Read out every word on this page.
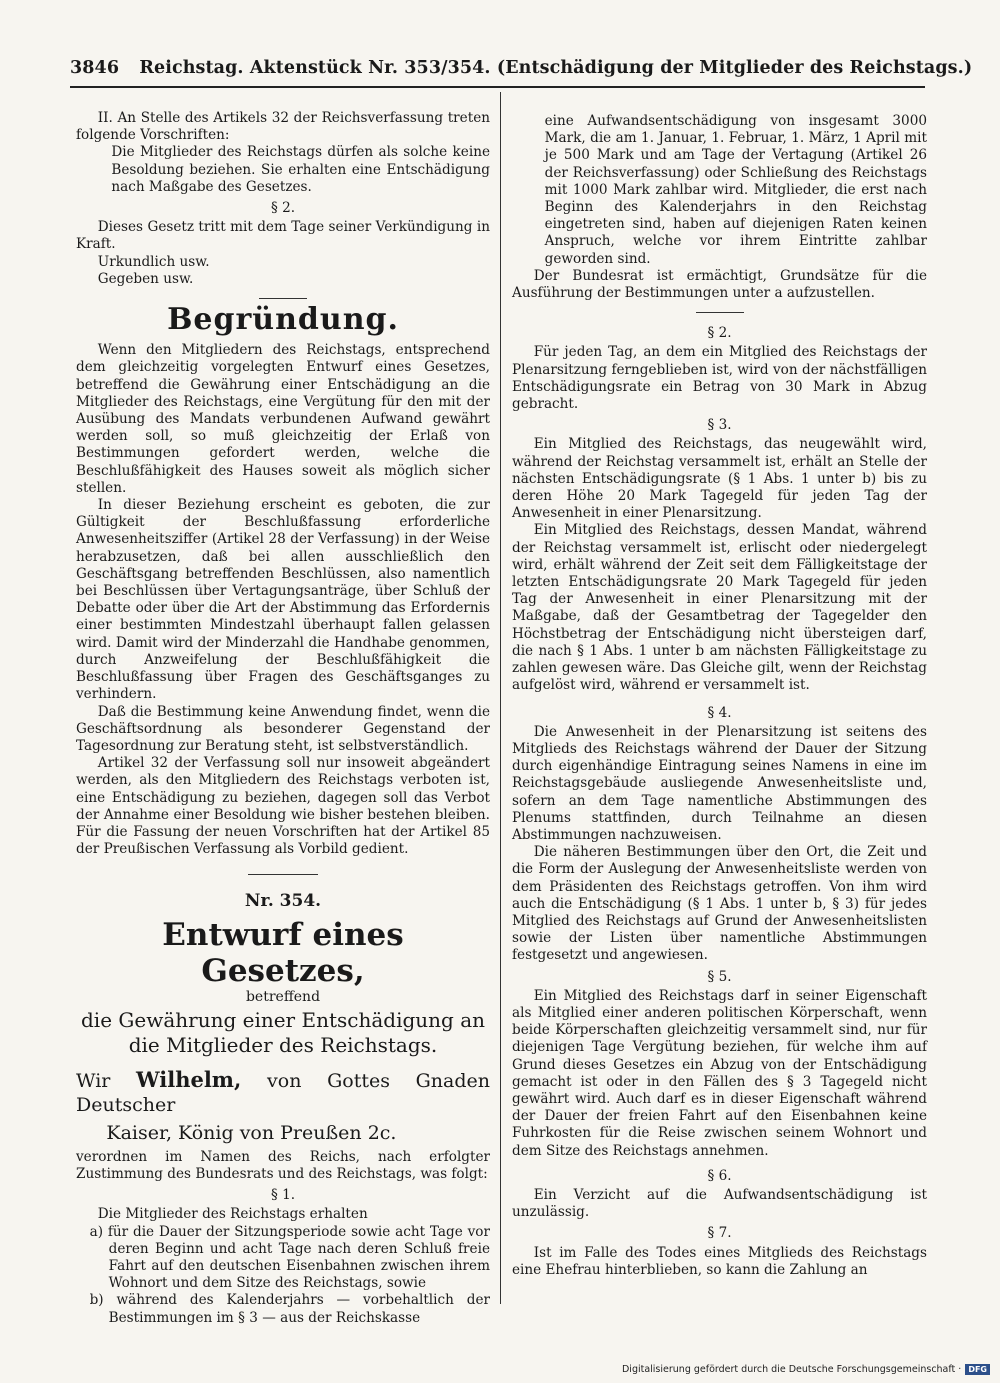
3846 Reichstag. Aktenstück Nr. 353/354. (Entschädigung der Mitglieder des Reichstags.)

II. An Stelle des Artikels 32 der Reichsverfassung treten folgende Vorschriften:

Die Mitglieder des Reichstags dürfen als solche keine Besoldung beziehen. Sie erhalten eine Entschädigung nach Maßgabe des Gesetzes.

§ 2.

Dieses Gesetz tritt mit dem Tage seiner Verkündigung in Kraft.

Urkundlich usw.

Gegeben usw.

Begründung.

Wenn den Mitgliedern des Reichstags, entsprechend dem gleichzeitig vorgelegten Entwurf eines Gesetzes, betreffend die Gewährung einer Entschädigung an die Mitglieder des Reichstags, eine Vergütung für den mit der Ausübung des Mandats verbundenen Aufwand gewährt werden soll, so muß gleichzeitig der Erlaß von Bestimmungen gefordert werden, welche die Beschlußfähigkeit des Hauses soweit als möglich sicher stellen.

In dieser Beziehung erscheint es geboten, die zur Gültigkeit der Beschlußfassung erforderliche Anwesenheitsziffer (Artikel 28 der Verfassung) in der Weise herabzusetzen, daß bei allen ausschließlich den Geschäftsgang betreffenden Beschlüssen, also namentlich bei Beschlüssen über Vertagungsanträge, über Schluß der Debatte oder über die Art der Abstimmung das Erfordernis einer bestimmten Mindestzahl überhaupt fallen gelassen wird. Damit wird der Minderzahl die Handhabe genommen, durch Anzweifelung der Beschlußfähigkeit die Beschlußfassung über Fragen des Geschäftsganges zu verhindern.

Daß die Bestimmung keine Anwendung findet, wenn die Geschäftsordnung als besonderer Gegenstand der Tagesordnung zur Beratung steht, ist selbstverständlich.

Artikel 32 der Verfassung soll nur insoweit abgeändert werden, als den Mitgliedern des Reichstags verboten ist, eine Entschädigung zu beziehen, dagegen soll das Verbot der Annahme einer Besoldung wie bisher bestehen bleiben. Für die Fassung der neuen Vorschriften hat der Artikel 85 der Preußischen Verfassung als Vorbild gedient.

Nr. 354.

Entwurf eines Gesetzes,

betreffend

die Gewährung einer Entschädigung an die Mitglieder des Reichstags.

Wir Wilhelm, von Gottes Gnaden Deutscher

Kaiser, König von Preußen 2c.

verordnen im Namen des Reichs, nach erfolgter Zustimmung des Bundesrats und des Reichstags, was folgt:

§ 1.

Die Mitglieder des Reichstags erhalten

a) für die Dauer der Sitzungsperiode sowie acht Tage vor deren Beginn und acht Tage nach deren Schluß freie Fahrt auf den deutschen Eisenbahnen zwischen ihrem Wohnort und dem Sitze des Reichstags, sowie

b) während des Kalenderjahrs — vorbehaltlich der Bestimmungen im § 3 — aus der Reichskasse

eine Aufwandsentschädigung von insgesamt 3000 Mark, die am 1. Januar, 1. Februar, 1. März, 1 April mit je 500 Mark und am Tage der Vertagung (Artikel 26 der Reichsverfassung) oder Schließung des Reichstags mit 1000 Mark zahlbar wird. Mitglieder, die erst nach Beginn des Kalenderjahrs in den Reichstag eingetreten sind, haben auf diejenigen Raten keinen Anspruch, welche vor ihrem Eintritte zahlbar geworden sind.

Der Bundesrat ist ermächtigt, Grundsätze für die Ausführung der Bestimmungen unter a aufzustellen.

§ 2.

Für jeden Tag, an dem ein Mitglied des Reichstags der Plenarsitzung ferngeblieben ist, wird von der nächstfälligen Entschädigungsrate ein Betrag von 30 Mark in Abzug gebracht.

§ 3.

Ein Mitglied des Reichstags, das neugewählt wird, während der Reichstag versammelt ist, erhält an Stelle der nächsten Entschädigungsrate (§ 1 Abs. 1 unter b) bis zu deren Höhe 20 Mark Tagegeld für jeden Tag der Anwesenheit in einer Plenarsitzung.

Ein Mitglied des Reichstags, dessen Mandat, während der Reichstag versammelt ist, erlischt oder niedergelegt wird, erhält während der Zeit seit dem Fälligkeitstage der letzten Entschädigungsrate 20 Mark Tagegeld für jeden Tag der Anwesenheit in einer Plenarsitzung mit der Maßgabe, daß der Gesamtbetrag der Tagegelder den Höchstbetrag der Entschädigung nicht übersteigen darf, die nach § 1 Abs. 1 unter b am nächsten Fälligkeitstage zu zahlen gewesen wäre. Das Gleiche gilt, wenn der Reichstag aufgelöst wird, während er versammelt ist.

§ 4.

Die Anwesenheit in der Plenarsitzung ist seitens des Mitglieds des Reichstags während der Dauer der Sitzung durch eigenhändige Eintragung seines Namens in eine im Reichstagsgebäude ausliegende Anwesenheitsliste und, sofern an dem Tage namentliche Abstimmungen des Plenums stattfinden, durch Teilnahme an diesen Abstimmungen nachzuweisen.

Die näheren Bestimmungen über den Ort, die Zeit und die Form der Auslegung der Anwesenheitsliste werden von dem Präsidenten des Reichstags getroffen. Von ihm wird auch die Entschädigung (§ 1 Abs. 1 unter b, § 3) für jedes Mitglied des Reichstags auf Grund der Anwesenheitslisten sowie der Listen über namentliche Abstimmungen festgesetzt und angewiesen.

§ 5.

Ein Mitglied des Reichstags darf in seiner Eigenschaft als Mitglied einer anderen politischen Körperschaft, wenn beide Körperschaften gleichzeitig versammelt sind, nur für diejenigen Tage Vergütung beziehen, für welche ihm auf Grund dieses Gesetzes ein Abzug von der Entschädigung gemacht ist oder in den Fällen des § 3 Tagegeld nicht gewährt wird. Auch darf es in dieser Eigenschaft während der Dauer der freien Fahrt auf den Eisenbahnen keine Fuhrkosten für die Reise zwischen seinem Wohnort und dem Sitze des Reichstags annehmen.

§ 6.

Ein Verzicht auf die Aufwandsentschädigung ist unzulässig.

§ 7.

Ist im Falle des Todes eines Mitglieds des Reichstags eine Ehefrau hinterblieben, so kann die Zahlung an

Digitalisierung gefördert durch die Deutsche Forschungsgemeinschaft · DFG
